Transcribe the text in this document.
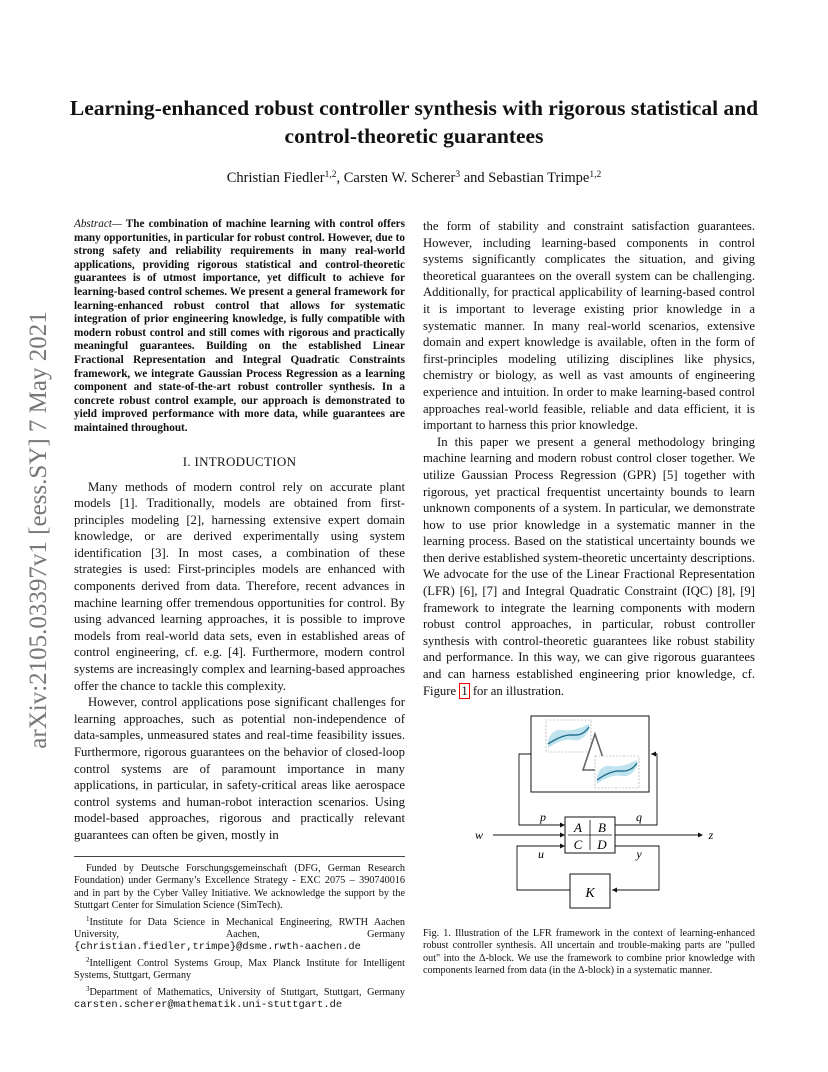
arXiv:2105.03397v1 [eess.SY] 7 May 2021
Learning-enhanced robust controller synthesis with rigorous statistical and control-theoretic guarantees
Christian Fiedler$^{1,2}$, Carsten W. Scherer$^3$ and Sebastian Trimpe$^{1,2}$

Abstract— The combination of machine learning with control offers many opportunities, in particular for robust control. However, due to strong safety and reliability requirements in many real-world applications, providing rigorous statistical and control-theoretic guarantees is of utmost importance, yet difficult to achieve for learning-based control schemes. We present a general framework for learning-enhanced robust control that allows for systematic integration of prior engineering knowledge, is fully compatible with modern robust control and still comes with rigorous and practically meaningful guarantees. Building on the established Linear Fractional Representation and Integral Quadratic Constraints framework, we integrate Gaussian Process Regression as a learning component and state-of-the-art robust controller synthesis. In a concrete robust control example, our approach is demonstrated to yield improved performance with more data, while guarantees are maintained throughout.

I. INTRODUCTION

Many methods of modern control rely on accurate plant models [1]. Traditionally, models are obtained from first-principles modeling [2], harnessing extensive expert domain knowledge, or are derived experimentally using system identification [3]. In most cases, a combination of these strategies is used: First-principles models are enhanced with components derived from data. Therefore, recent advances in machine learning offer tremendous opportunities for control. By using advanced learning approaches, it is possible to improve models from real-world data sets, even in established areas of control engineering, cf. e.g. [4]. Furthermore, modern control systems are increasingly complex and learning-based approaches offer the chance to tackle this complexity.

However, control applications pose significant challenges for learning approaches, such as potential non-independence of data-samples, unmeasured states and real-time feasibility issues. Furthermore, rigorous guarantees on the behavior of closed-loop control systems are of paramount importance in many applications, in particular, in safety-critical areas like aerospace control systems and human-robot interaction scenarios. Using model-based approaches, rigorous and practically relevant guarantees can often be given, mostly in

Funded by Deutsche Forschungsgemeinschaft (DFG, German Research Foundation) under Germany’s Excellence Strategy - EXC 2075 – 390740016 and in part by the Cyber Valley Initiative. We acknowledge the support by the Stuttgart Center for Simulation Science (SimTech).

$^1$Institute for Data Science in Mechanical Engineering, RWTH Aachen University, Aachen, Germany {christian.fiedler,trimpe}@dsme.rwth-aachen.de

$^2$Intelligent Control Systems Group, Max Planck Institute for Intelligent Systems, Stuttgart, Germany

$^3$Department of Mathematics, University of Stuttgart, Stuttgart, Germany carsten.scherer@mathematik.uni-stuttgart.de

the form of stability and constraint satisfaction guarantees. However, including learning-based components in control systems significantly complicates the situation, and giving theoretical guarantees on the overall system can be challenging. Additionally, for practical applicability of learning-based control it is important to leverage existing prior knowledge in a systematic manner. In many real-world scenarios, extensive domain and expert knowledge is available, often in the form of first-principles modeling utilizing disciplines like physics, chemistry or biology, as well as vast amounts of engineering experience and intuition. In order to make learning-based control approaches real-world feasible, reliable and data efficient, it is important to harness this prior knowledge.

In this paper we present a general methodology bringing machine learning and modern robust control closer together. We utilize Gaussian Process Regression (GPR) [5] together with rigorous, yet practical frequentist uncertainty bounds to learn unknown components of a system. In particular, we demonstrate how to use prior knowledge in a systematic manner in the learning process. Based on the statistical uncertainty bounds we then derive established system-theoretic uncertainty descriptions. We advocate for the use of the Linear Fractional Representation (LFR) [6], [7] and Integral Quadratic Constraint (IQC) [8], [9] framework to integrate the learning components with modern robust control approaches, in particular, robust controller synthesis with control-theoretic guarantees like robust stability and performance. In this way, we can give rigorous guarantees and can harness established engineering prior knowledge, cf. Figure 1 for an illustration.

A B
C D
K
w	z
p	q
u	y

Fig. 1. Illustration of the LFR framework in the context of learning-enhanced robust controller synthesis. All uncertain and trouble-making parts are "pulled out" into the Δ-block. We use the framework to combine prior knowledge with components learned from data (in the Δ-block) in a systematic manner.
